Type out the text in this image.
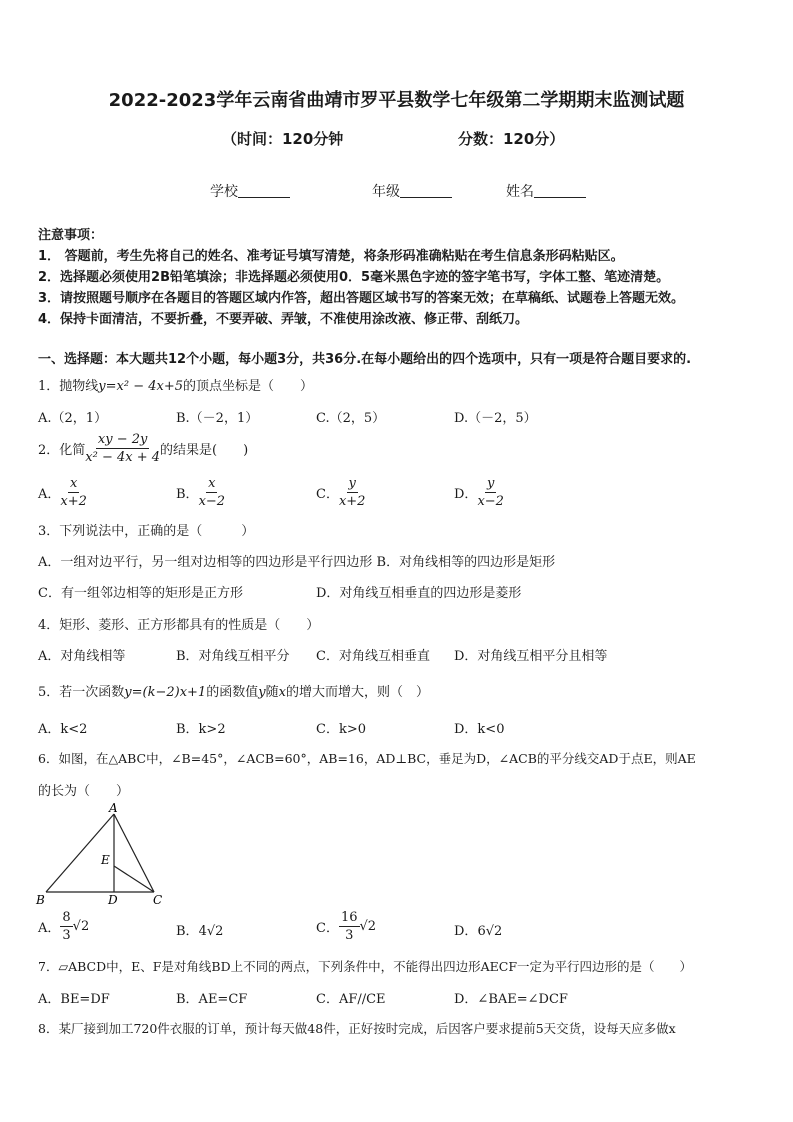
2022-2023学年云南省曲靖市罗平县数学七年级第二学期期末监测试题
（时间：120分钟	分数：120分）
学校	年级	姓名
注意事项：
1． 答题前，考生先将自己的姓名、准考证号填写清楚，将条形码准确粘贴在考生信息条形码粘贴区。
2．选择题必须使用2B铅笔填涂；非选择题必须使用0．5毫米黑色字迹的签字笔书写，字体工整、笔迹清楚。
3．请按照题号顺序在各题目的答题区域内作答，超出答题区域书写的答案无效；在草稿纸、试题卷上答题无效。
4．保持卡面清洁，不要折叠，不要弄破、弄皱，不准使用涂改液、修正带、刮纸刀。
一、选择题：本大题共12个小题，每小题3分，共36分.在每小题给出的四个选项中，只有一项是符合题目要求的.
1．抛物线y=x² − 4x+5的顶点坐标是（　　）
A.（2，1）	B.（－2，1）	C.（2，5）	D.（－2，5）
2．化简 $\frac{xy - 2y}{\text{x² − 4x + 4}}$ 的结果是(　　)
A． $\frac{x}{x+2}$	B． $\frac{x}{x-2}$	C． $\frac{y}{x+2}$	D． $\frac{y}{x-2}$
3．下列说法中，正确的是（　　　）
A．一组对边平行，另一组对边相等的四边形是平行四边形 B．对角线相等的四边形是矩形
C．有一组邻边相等的矩形是正方形	D．对角线互相垂直的四边形是菱形
4．矩形、菱形、正方形都具有的性质是（　　）
A．对角线相等	B．对角线互相平分 C．对角线互相垂直 D．对角线互相平分且相等
5．若一次函数y=(k−2)x+1的函数值y随x的增大而增大，则（　）
A．k<2	B．k>2	C．k>0	D．k<0
6．如图，在△ABC中，∠B=45°，∠ACB=60°，AB=16，AD⊥BC，垂足为D，∠ACB的平分线交AD于点E，则AE
的长为（　　）
A
B	C
D
E
A． $\frac{8}{3} √2$	B．4√2	C． $\frac{16}{3} √2$	D．6√2
7．▱ABCD中，E、F是对角线BD上不同的两点，下列条件中，不能得出四边形AECF一定为平行四边形的是（　　）
A．BE=DF	B．AE=CF	C．AF//CE	D．∠BAE=∠DCF
8．某厂接到加工720件衣服的订单，预计每天做48件，正好按时完成，后因客户要求提前5天交货，设每天应多做x
